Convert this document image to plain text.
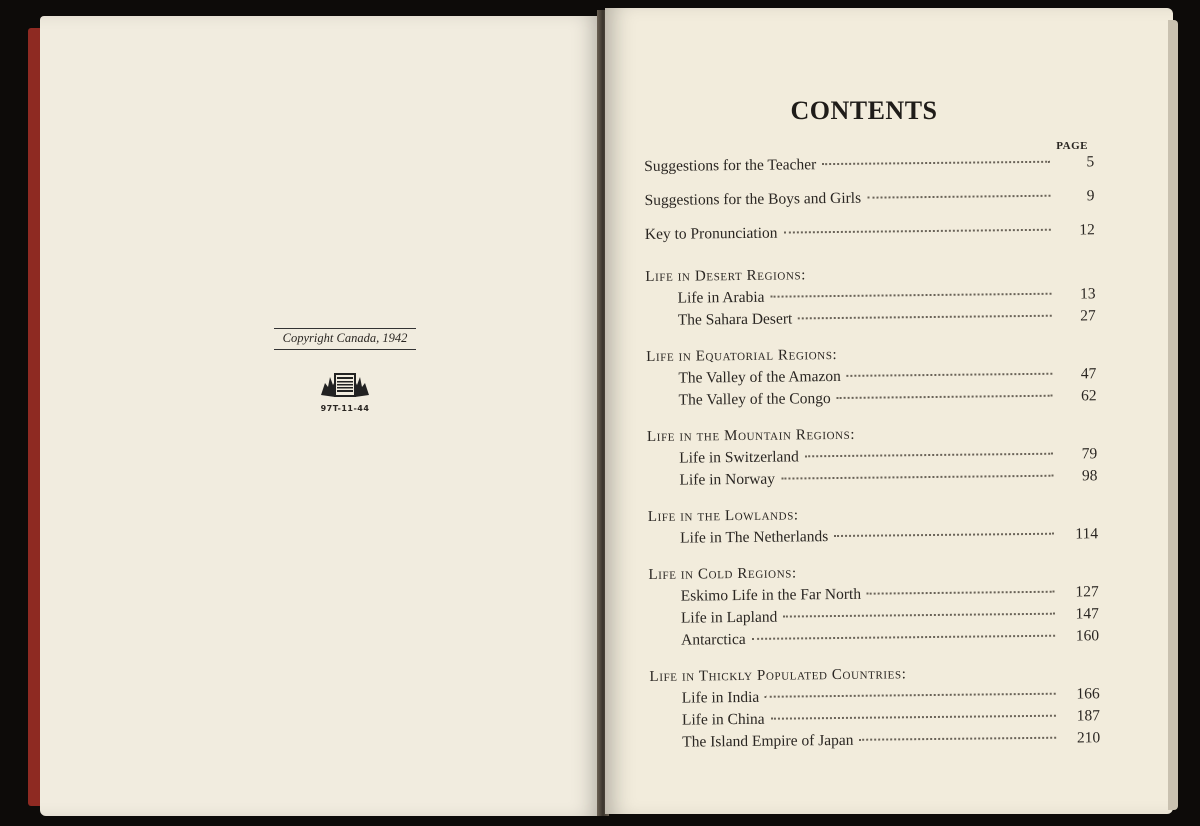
Copyright Canada, 1942
97T-11-44
CONTENTS
PAGE
Suggestions for the Teacher	5
Suggestions for the Boys and Girls	9
Key to Pronunciation	12
Life in Desert Regions:
Life in Arabia	13
The Sahara Desert	27
Life in Equatorial Regions:
The Valley of the Amazon	47
The Valley of the Congo	62
Life in the Mountain Regions:
Life in Switzerland	79
Life in Norway	98
Life in the Lowlands:
Life in The Netherlands	114
Life in Cold Regions:
Eskimo Life in the Far North	127
Life in Lapland	147
Antarctica	160
Life in Thickly Populated Countries:
Life in India	166
Life in China	187
The Island Empire of Japan	210
